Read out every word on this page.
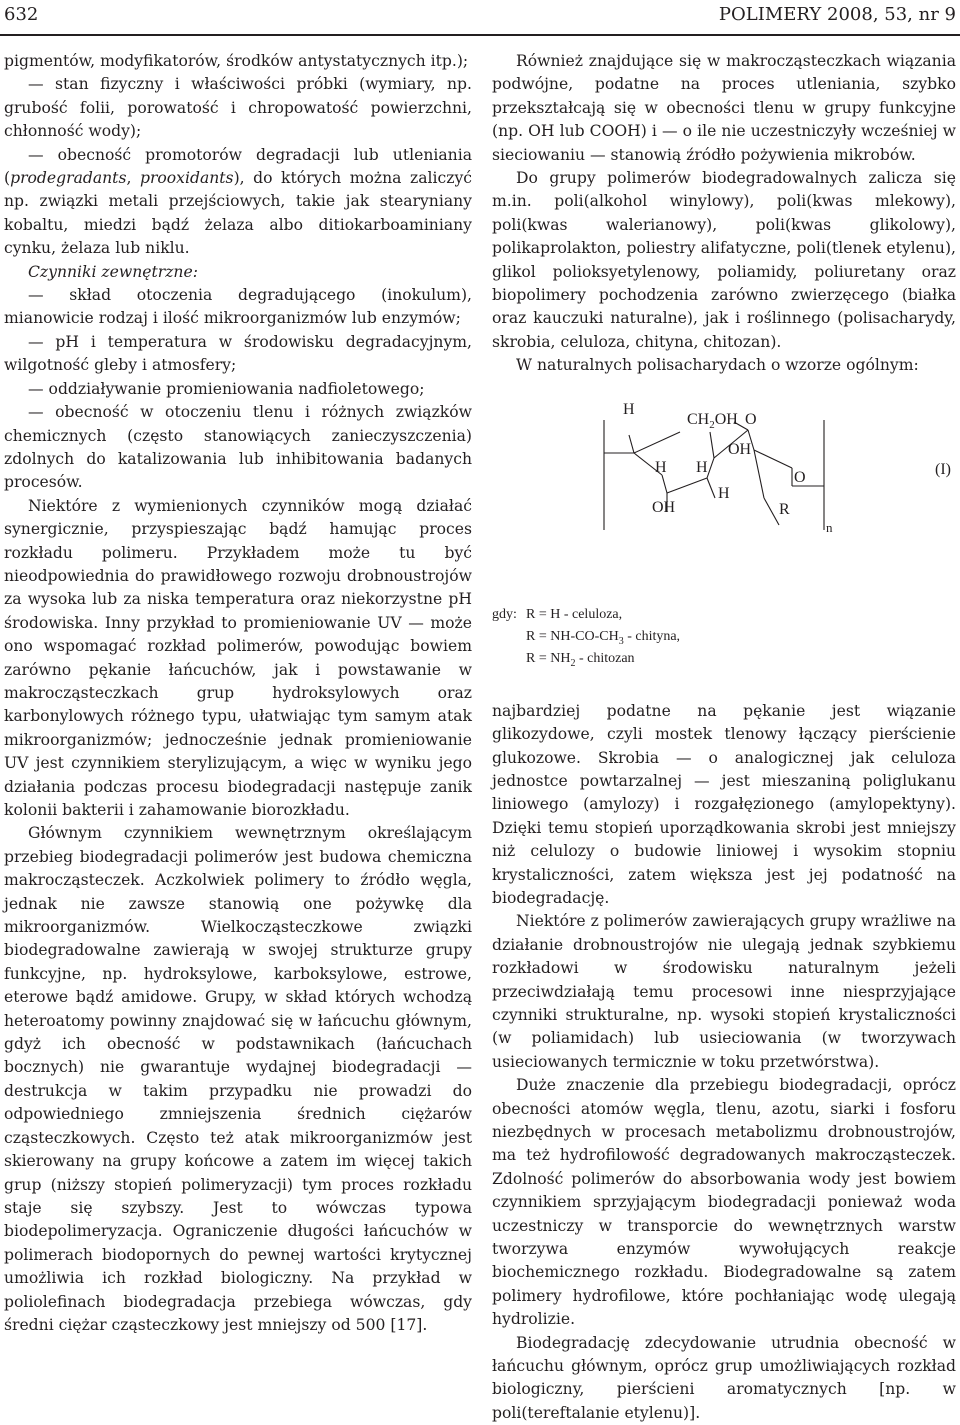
632	POLIMERY 2008, 53, nr 9

pigmentów, modyfikatorów, środków antystatycznych itp.);

— stan fizyczny i właściwości próbki (wymiary, np. grubość folii, porowatość i chropowatość powierzchni, chłonność wody);

— obecność promotorów degradacji lub utleniania (prodegradants, prooxidants), do których można zaliczyć np. związki metali przejściowych, takie jak stearyniany kobaltu, miedzi bądź żelaza albo ditiokarboaminiany cynku, żelaza lub niklu.

Czynniki zewnętrzne:

— skład otoczenia degradującego (inokulum), mianowicie rodzaj i ilość mikroorganizmów lub enzymów;

— pH i temperatura w środowisku degradacyjnym, wilgotność gleby i atmosfery;

— oddziaływanie promieniowania nadfioletowego;

— obecność w otoczeniu tlenu i różnych związków chemicznych (często stanowiących zanieczyszczenia) zdolnych do katalizowania lub inhibitowania badanych procesów.

Niektóre z wymienionych czynników mogą działać synergicznie, przyspieszając bądź hamując proces rozkładu polimeru. Przykładem może tu być nieodpowiednia do prawidłowego rozwoju drobnoustrojów za wysoka lub za niska temperatura oraz niekorzystne pH środowiska. Inny przykład to promieniowanie UV — może ono wspomagać rozkład polimerów, powodując bowiem zarówno pękanie łańcuchów, jak i powstawanie w makrocząsteczkach grup hydroksylowych oraz karbonylowych różnego typu, ułatwiając tym samym atak mikroorganizmów; jednocześnie jednak promieniowanie UV jest czynnikiem sterylizującym, a więc w wyniku jego działania podczas procesu biodegradacji następuje zanik kolonii bakterii i zahamowanie biorozkładu.

Głównym czynnikiem wewnętrznym określającym przebieg biodegradacji polimerów jest budowa chemiczna makrocząsteczek. Aczkolwiek polimery to źródło węgla, jednak nie zawsze stanowią one pożywkę dla mikroorganizmów. Wielkocząsteczkowe związki biodegradowalne zawierają w swojej strukturze grupy funkcyjne, np. hydroksylowe, karboksylowe, estrowe, eterowe bądź amidowe. Grupy, w skład których wchodzą heteroatomy powinny znajdować się w łańcuchu głównym, gdyż ich obecność w podstawnikach (łańcuchach bocznych) nie gwarantuje wydajnej biodegradacji — destrukcja w takim przypadku nie prowadzi do odpowiedniego zmniejszenia średnich ciężarów cząsteczkowych. Często też atak mikroorganizmów jest skierowany na grupy końcowe a zatem im więcej takich grup (niższy stopień polimeryzacji) tym proces rozkładu staje się szybszy. Jest to wówczas typowa biodepolimeryzacja. Ograniczenie długości łańcuchów w polimerach biodopornych do pewnej wartości krytycznej umożliwia ich rozkład biologiczny. Na przykład w poliolefinach biodegradacja przebiega wówczas, gdy średni ciężar cząsteczkowy jest mniejszy od 500 [17].

Również znajdujące się w makrocząsteczkach wiązania podwójne, podatne na proces utleniania, szybko przekształcają się w obecności tlenu w grupy funkcyjne (np. OH lub COOH) i — o ile nie uczestniczyły wcześniej w sieciowaniu — stanowią źródło pożywienia mikrobów.

Do grupy polimerów biodegradowalnych zalicza się m.in. poli(alkohol winylowy), poli(kwas mlekowy), poli(kwas walerianowy), poli(kwas glikolowy), polikaprolakton, poliestry alifatyczne, poli(tlenek etylenu), glikol polioksyetylenowy, poliamidy, poliuretany oraz biopolimery pochodzenia zarówno zwierzęcego (białka oraz kauczuki naturalne), jak i roślinnego (polisacharydy, skrobia, celuloza, chityna, chitozan).

W naturalnych polisacharydach o wzorze ogólnym:

H
$CH_2OH$ O
H H
OH
O
OH
H
R
n
(I)
gdy: R = H - celuloza,
$R = NH-CO-CH_3$ - chityna,
$R = NH_2$ - chitozan

najbardziej podatne na pękanie jest wiązanie glikozydowe, czyli mostek tlenowy łączący pierścienie glukozowe. Skrobia — o analogicznej jak celuloza jednostce powtarzalnej — jest mieszaniną poliglukanu liniowego (amylozy) i rozgałęzionego (amylopektyny). Dzięki temu stopień uporządkowania skrobi jest mniejszy niż celulozy o budowie liniowej i wysokim stopniu krystaliczności, zatem większa jest jej podatność na biodegradację.

Niektóre z polimerów zawierających grupy wrażliwe na działanie drobnoustrojów nie ulegają jednak szybkiemu rozkładowi w środowisku naturalnym jeżeli przeciwdziałają temu procesowi inne niesprzyjające czynniki strukturalne, np. wysoki stopień krystaliczności (w poliamidach) lub usieciowania (w tworzywach usieciowanych termicznie w toku przetwórstwa).

Duże znaczenie dla przebiegu biodegradacji, oprócz obecności atomów węgla, tlenu, azotu, siarki i fosforu niezbędnych w procesach metabolizmu drobnoustrojów, ma też hydrofilowość degradowanych makrocząsteczek. Zdolność polimerów do absorbowania wody jest bowiem czynnikiem sprzyjającym biodegradacji ponieważ woda uczestniczy w transporcie do wewnętrznych warstw tworzywa enzymów wywołujących reakcje biochemicznego rozkładu. Biodegradowalne są zatem polimery hydrofilowe, które pochłaniając wodę ulegają hydrolizie.

Biodegradację zdecydowanie utrudnia obecność w łańcuchu głównym, oprócz grup umożliwiających rozkład biologiczny, pierścieni aromatycznych [np. w poli(tereftalanie etylenu)].
